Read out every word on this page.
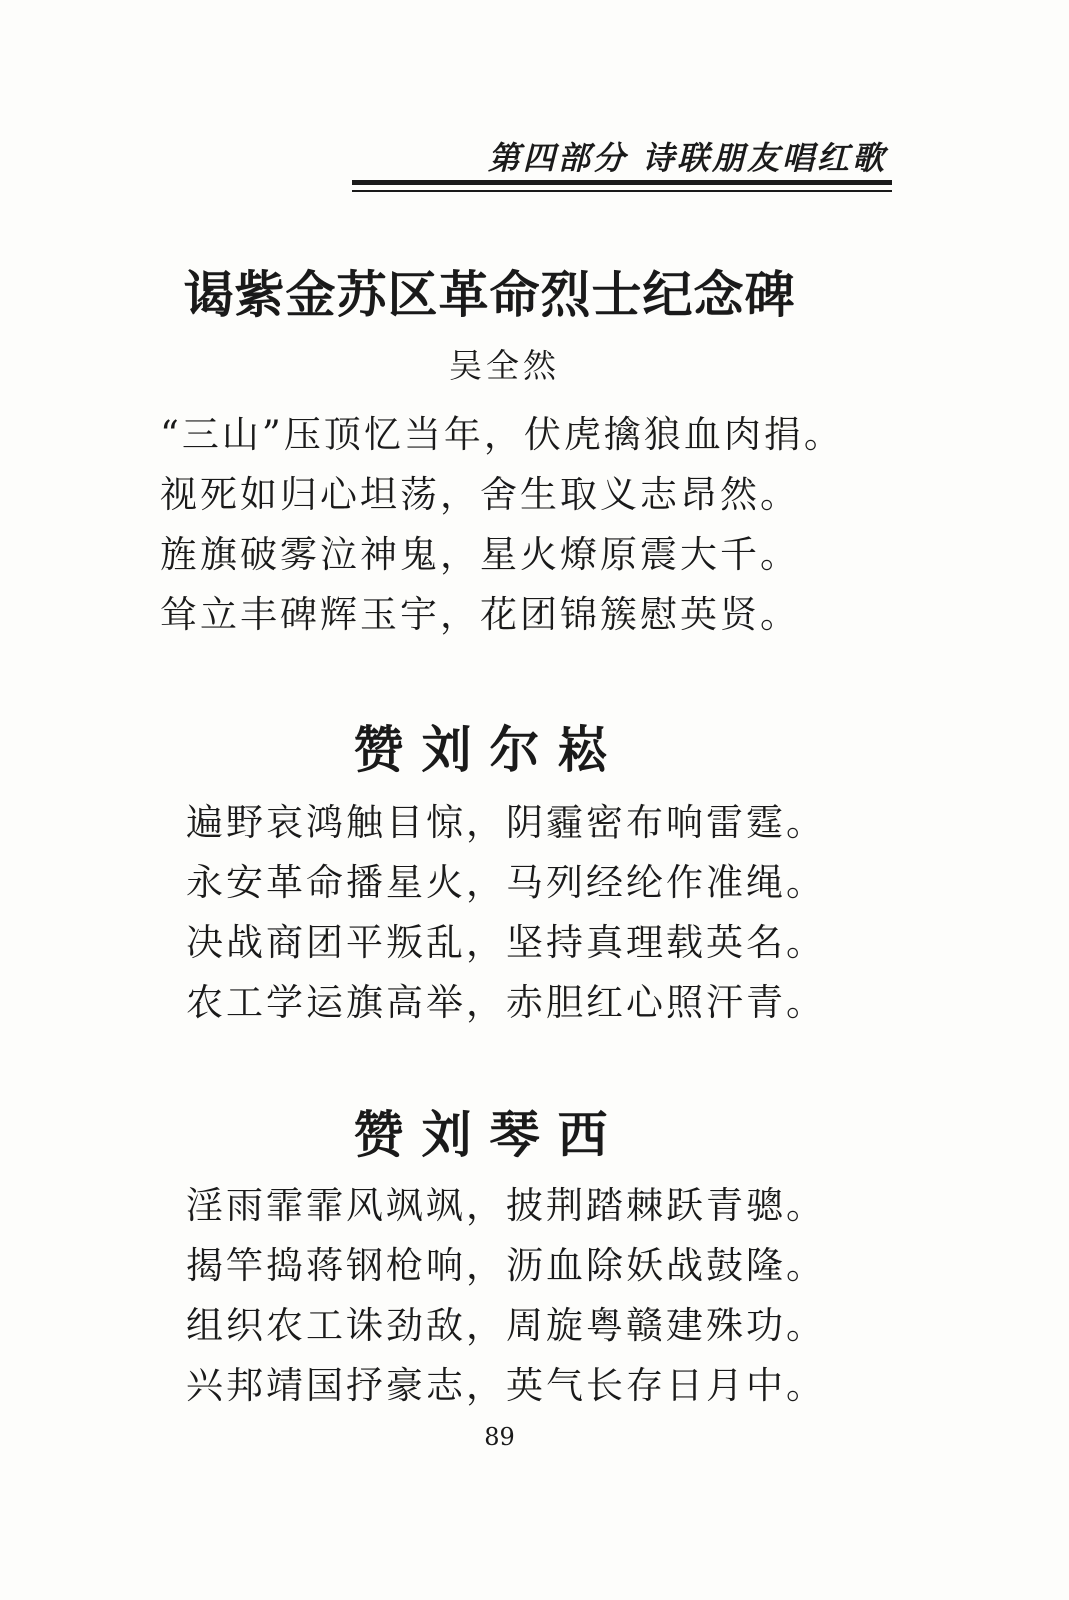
第四部分 诗联朋友唱红歌
谒紫金苏区革命烈士纪念碑
吴全然
“三山”压顶忆当年，伏虎擒狼血肉捐。
视死如归心坦荡，舍生取义志昂然。
旌旗破雾泣神鬼，星火燎原震大千。
耸立丰碑辉玉宇，花团锦簇慰英贤。
赞刘尔崧
遍野哀鸿触目惊，阴霾密布响雷霆。
永安革命播星火，马列经纶作准绳。
决战商团平叛乱，坚持真理载英名。
农工学运旗高举，赤胆红心照汗青。
赞刘琴西
淫雨霏霏风飒飒，披荆踏棘跃青骢。
揭竿捣蒋钢枪响，沥血除妖战鼓隆。
组织农工诛劲敌，周旋粤赣建殊功。
兴邦靖国抒豪志，英气长存日月中。
89
